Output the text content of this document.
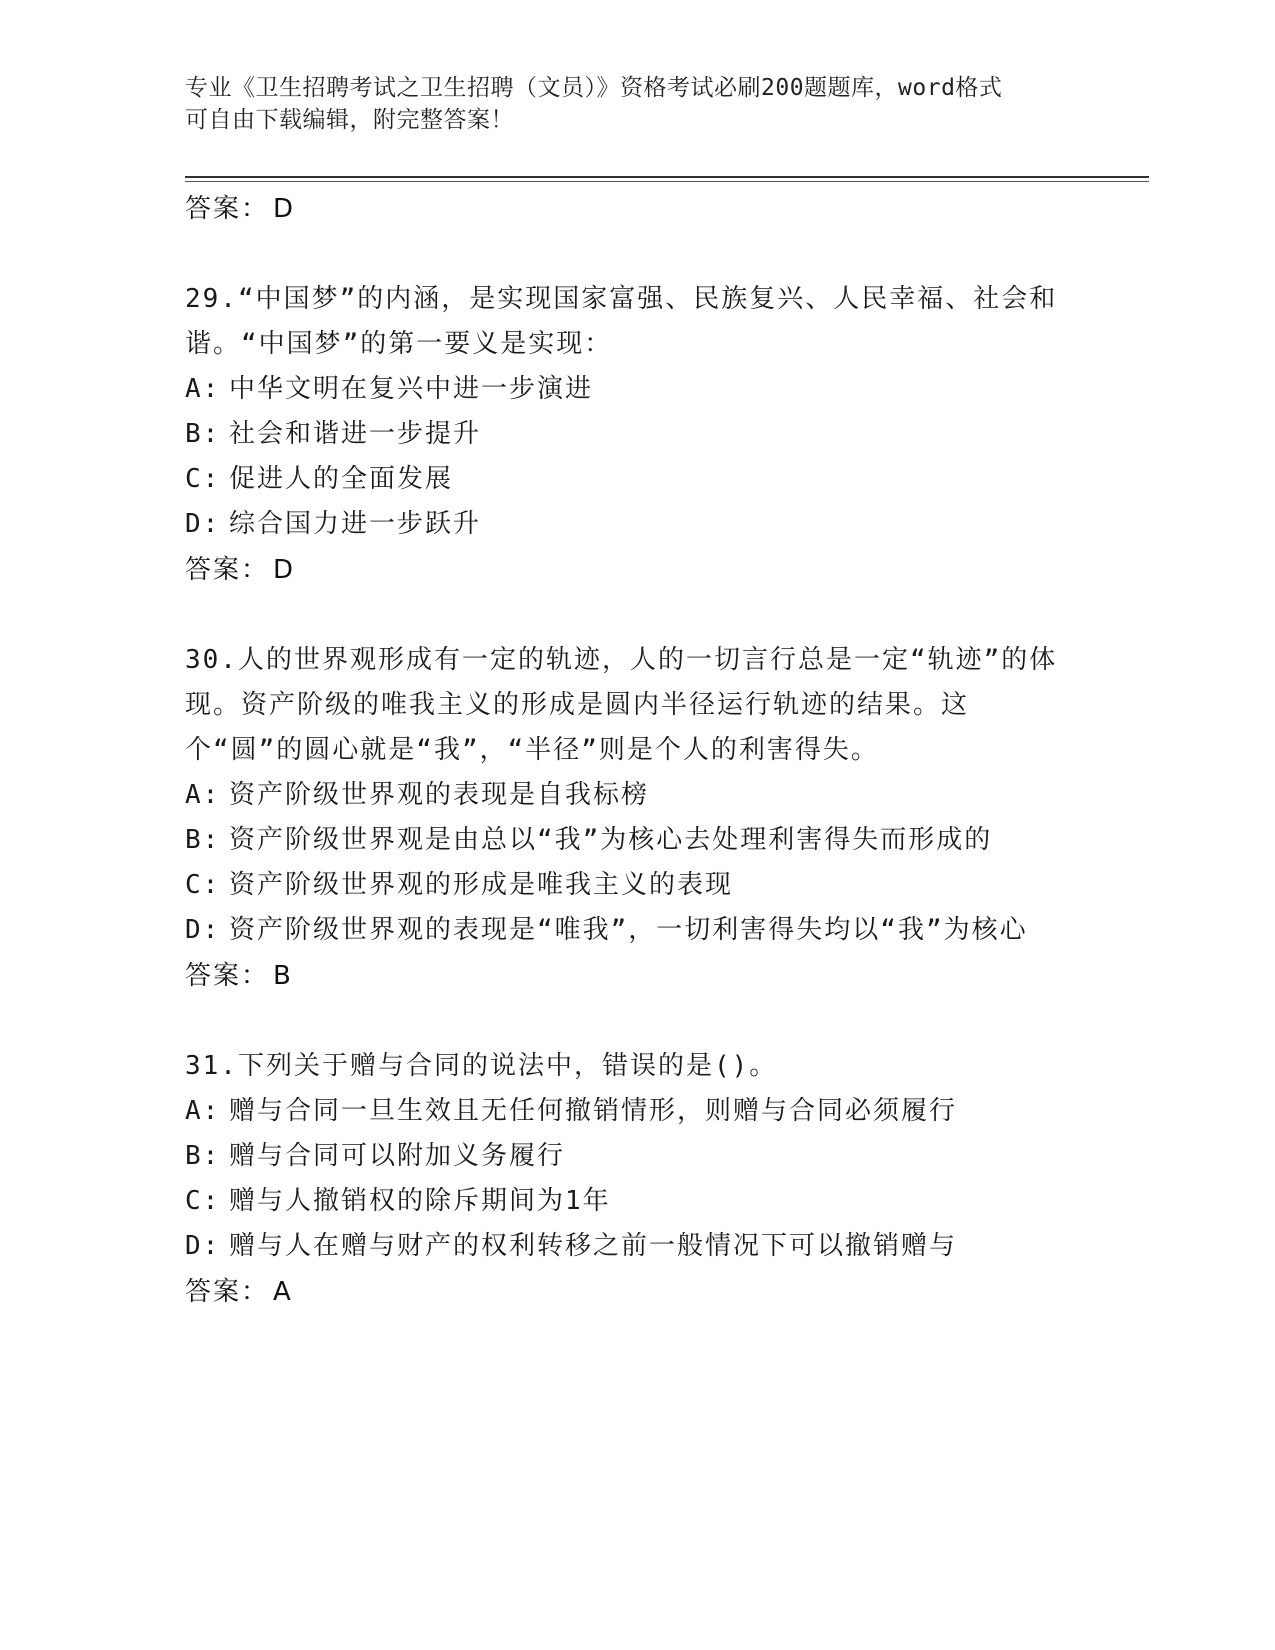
专业《卫生招聘考试之卫生招聘（文员）》资格考试必刷200题题库，word格式
可自由下载编辑，附完整答案！
答案： D

29.“中国梦”的内涵，是实现国家富强、民族复兴、人民幸福、社会和谐。“中国梦”的第一要义是实现：

A: 中华文明在复兴中进一步演进

B: 社会和谐进一步提升

C: 促进人的全面发展

D: 综合国力进一步跃升

答案： D

30.人的世界观形成有一定的轨迹，人的一切言行总是一定“轨迹”的体现。资产阶级的唯我主义的形成是圆内半径运行轨迹的结果。这个“圆”的圆心就是“我”，“半径”则是个人的利害得失。

A: 资产阶级世界观的表现是自我标榜

B: 资产阶级世界观是由总以“我”为核心去处理利害得失而形成的

C: 资产阶级世界观的形成是唯我主义的表现

D: 资产阶级世界观的表现是“唯我”，一切利害得失均以“我”为核心

答案： B

31.下列关于赠与合同的说法中，错误的是()。

A: 赠与合同一旦生效且无任何撤销情形，则赠与合同必须履行

B: 赠与合同可以附加义务履行

C: 赠与人撤销权的除斥期间为1年

D: 赠与人在赠与财产的权利转移之前一般情况下可以撤销赠与

答案： A
